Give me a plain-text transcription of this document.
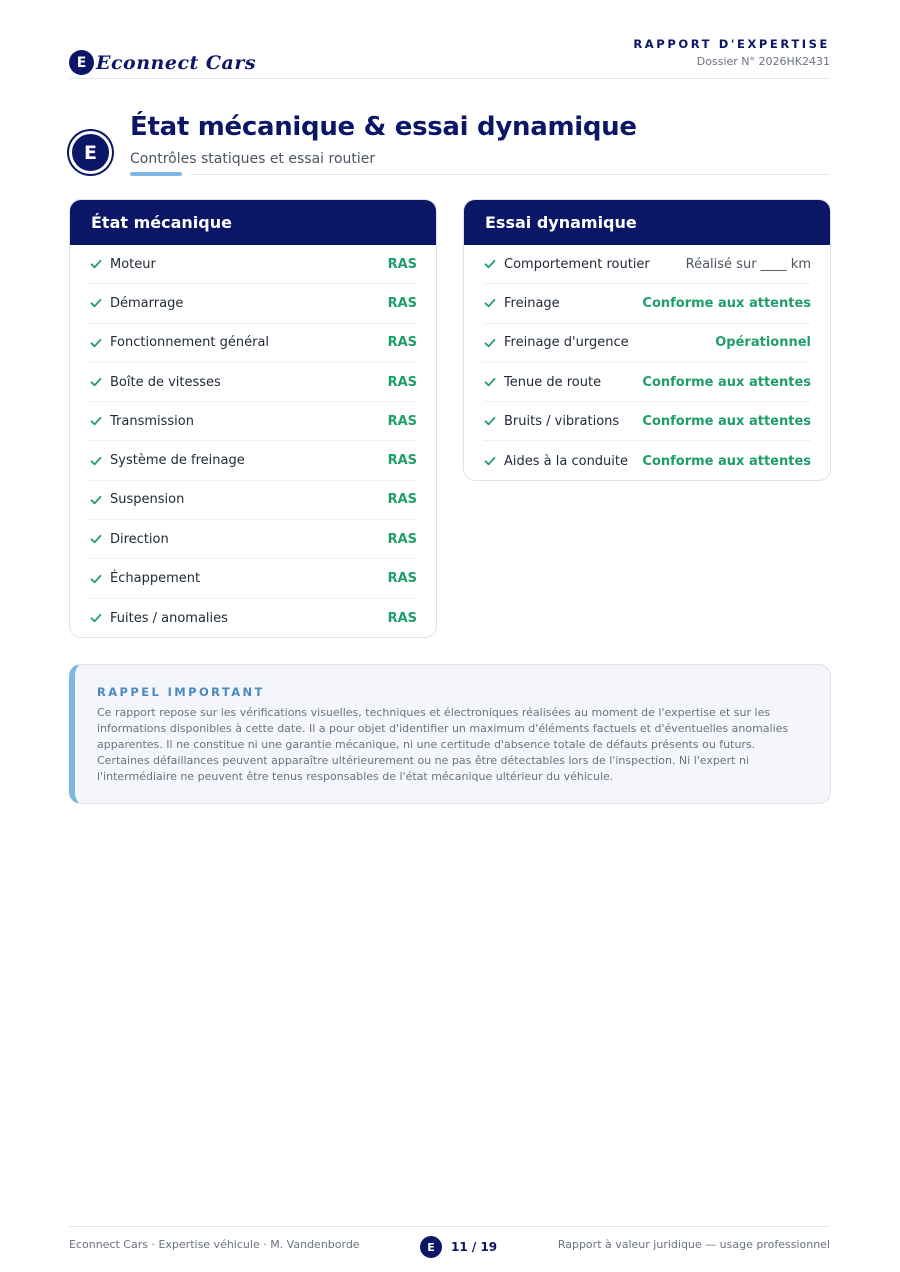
E Econnect Cars
RAPPORT D'EXPERTISE
Dossier N° 2026HK2431
E
État mécanique & essai dynamique
Contrôles statiques et essai routier
État mécanique
Moteur	RAS
Démarrage	RAS
Fonctionnement général	RAS
Boîte de vitesses	RAS
Transmission	RAS
Système de freinage	RAS
Suspension	RAS
Direction	RAS
Échappement	RAS
Fuites / anomalies	RAS
Essai dynamique
Comportement routier	Réalisé sur ____ km
Freinage	Conforme aux attentes
Freinage d'urgence	Opérationnel
Tenue de route	Conforme aux attentes
Bruits / vibrations	Conforme aux attentes
Aides à la conduite	Conforme aux attentes
RAPPEL IMPORTANT
Ce rapport repose sur les vérifications visuelles, techniques et électroniques réalisées au moment de l'expertise et sur les informations disponibles à cette date. Il a pour objet d'identifier un maximum d'éléments factuels et d'éventuelles anomalies apparentes. Il ne constitue ni une garantie mécanique, ni une certitude d'absence totale de défauts présents ou futurs. Certaines défaillances peuvent apparaître ultérieurement ou ne pas être détectables lors de l'inspection. Ni l'expert ni l'intermédiaire ne peuvent être tenus responsables de l'état mécanique ultérieur du véhicule.
Econnect Cars · Expertise véhicule · M. Vandenborde	E	11 / 19	Rapport à valeur juridique — usage professionnel
